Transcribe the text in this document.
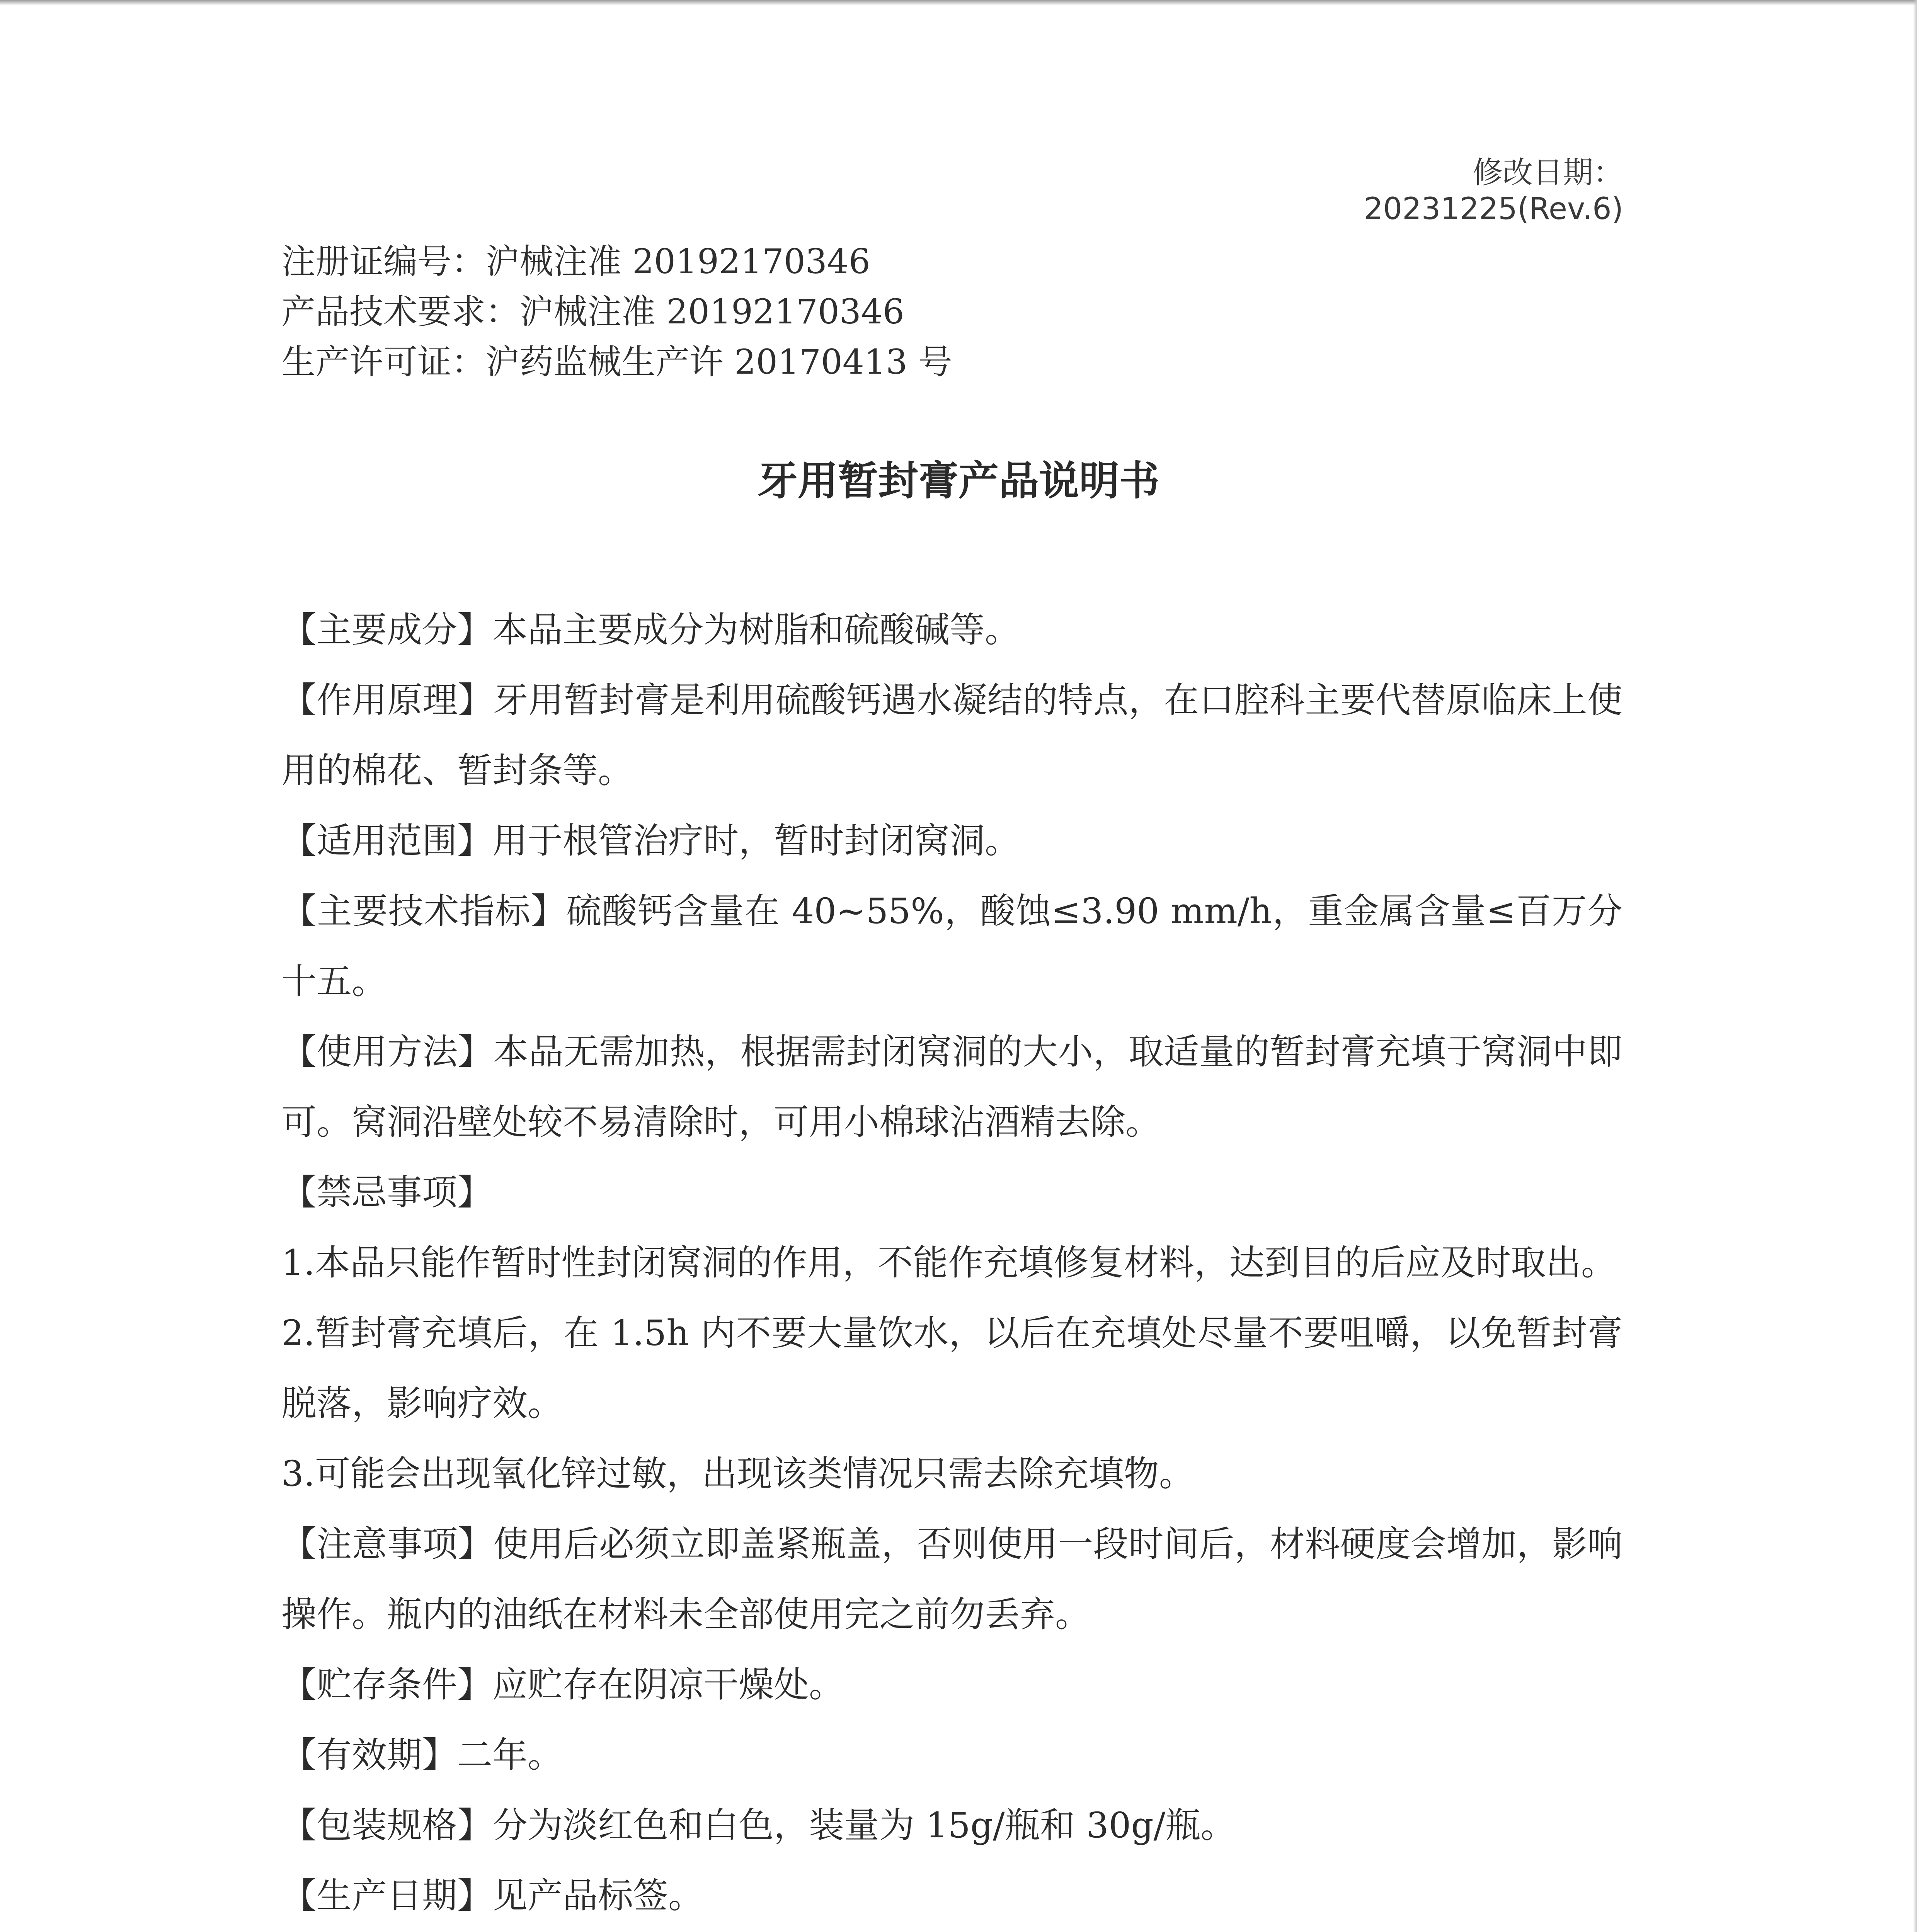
修改日期：20231225(Rev.6)
注册证编号：沪械注准 20192170346
产品技术要求：沪械注准 20192170346
生产许可证：沪药监械生产许 20170413 号
牙用暂封膏产品说明书

【主要成分】本品主要成分为树脂和硫酸碱等。

【作用原理】牙用暂封膏是利用硫酸钙遇水凝结的特点，在口腔科主要代替原临床上使用的棉花、暂封条等。

【适用范围】用于根管治疗时，暂时封闭窝洞。

【主要技术指标】硫酸钙含量在 40~55%，酸蚀≤3.90 mm/h，重金属含量≤百万分十五。

【使用方法】本品无需加热，根据需封闭窝洞的大小，取适量的暂封膏充填于窝洞中即可。窝洞沿壁处较不易清除时，可用小棉球沾酒精去除。

【禁忌事项】

1.本品只能作暂时性封闭窝洞的作用，不能作充填修复材料，达到目的后应及时取出。

2.暂封膏充填后，在 1.5h 内不要大量饮水，以后在充填处尽量不要咀嚼，以免暂封膏脱落，影响疗效。

3.可能会出现氧化锌过敏，出现该类情况只需去除充填物。

【注意事项】使用后必须立即盖紧瓶盖，否则使用一段时间后，材料硬度会增加，影响操作。瓶内的油纸在材料未全部使用完之前勿丢弃。

【贮存条件】应贮存在阴凉干燥处。

【有效期】二年。

【包装规格】分为淡红色和白色，装量为 15g/瓶和 30g/瓶。

【生产日期】见产品标签。
